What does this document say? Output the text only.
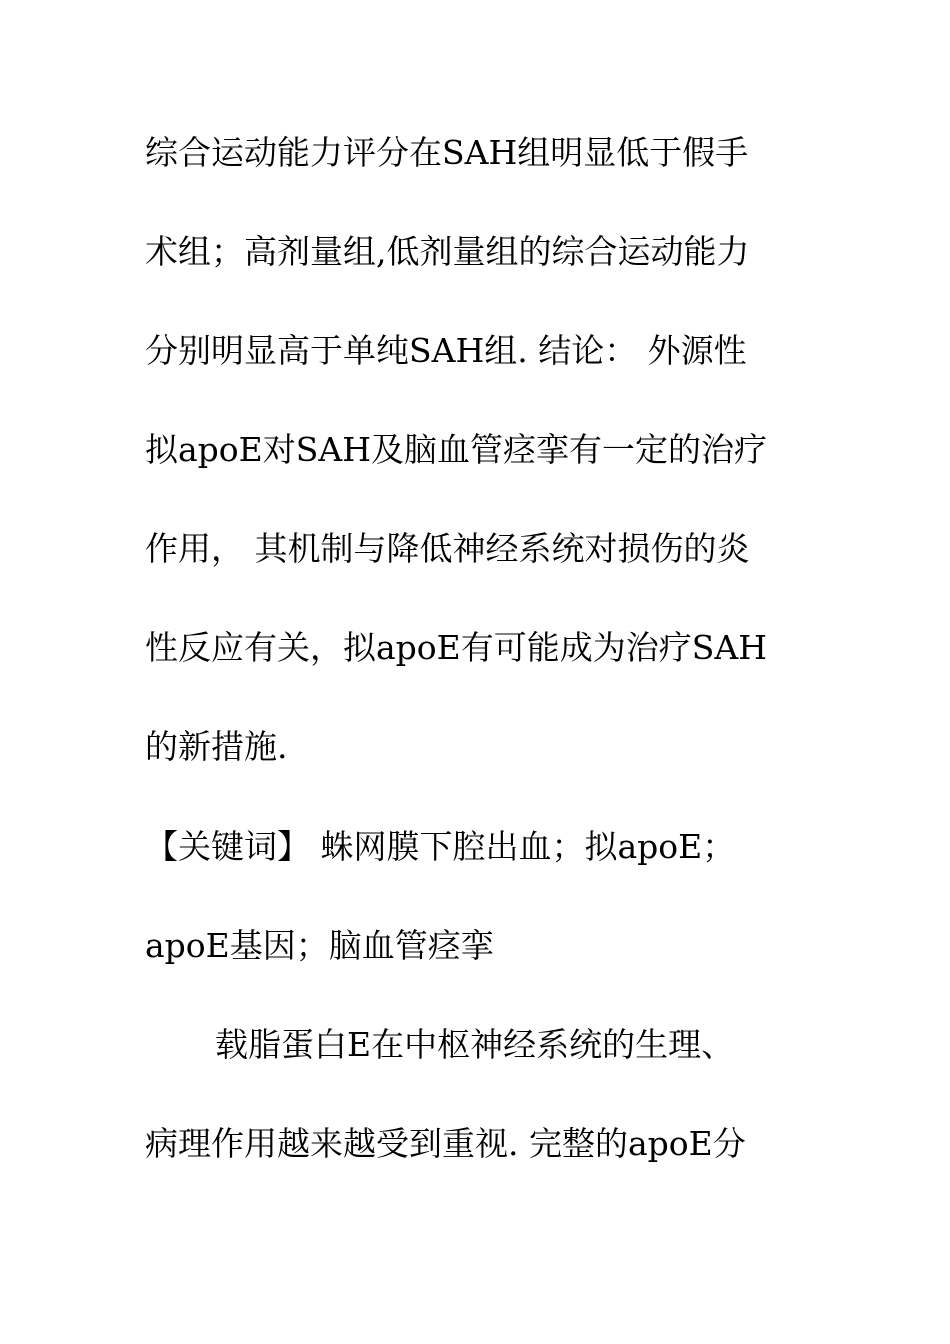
综合运动能力评分在SAH组明显低于假手
术组；高剂量组,低剂量组的综合运动能力
分别明显高于单纯SAH组. 结论： 外源性
拟apoE对SAH及脑血管痉挛有一定的治疗
作用， 其机制与降低神经系统对损伤的炎
性反应有关，拟apoE有可能成为治疗SAH
的新措施.
【关键词】 蛛网膜下腔出血；拟apoE；
apoE基因；脑血管痉挛
载脂蛋白E在中枢神经系统的生理、
病理作用越来越受到重视. 完整的apoE分
